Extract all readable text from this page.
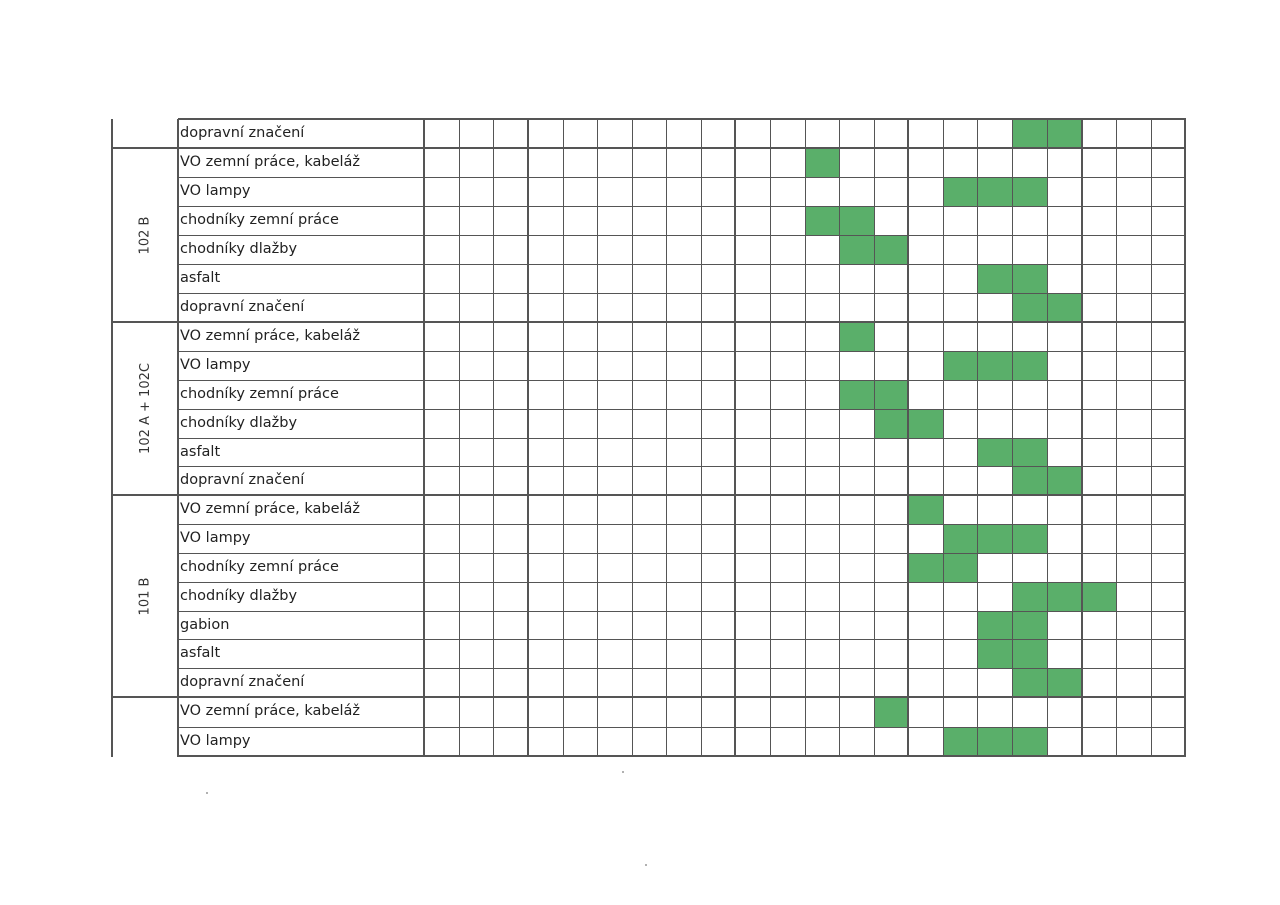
dopravní značení
VO zemní práce, kabeláž
VO lampy
chodníky zemní práce
chodníky dlažby
asfalt
dopravní značení
VO zemní práce, kabeláž
VO lampy
chodníky zemní práce
chodníky dlažby
asfalt
dopravní značení
VO zemní práce, kabeláž
VO lampy
chodníky zemní práce
chodníky dlažby
gabion
asfalt
dopravní značení
VO zemní práce, kabeláž
VO lampy
102 B
102 A + 102C
101 B
